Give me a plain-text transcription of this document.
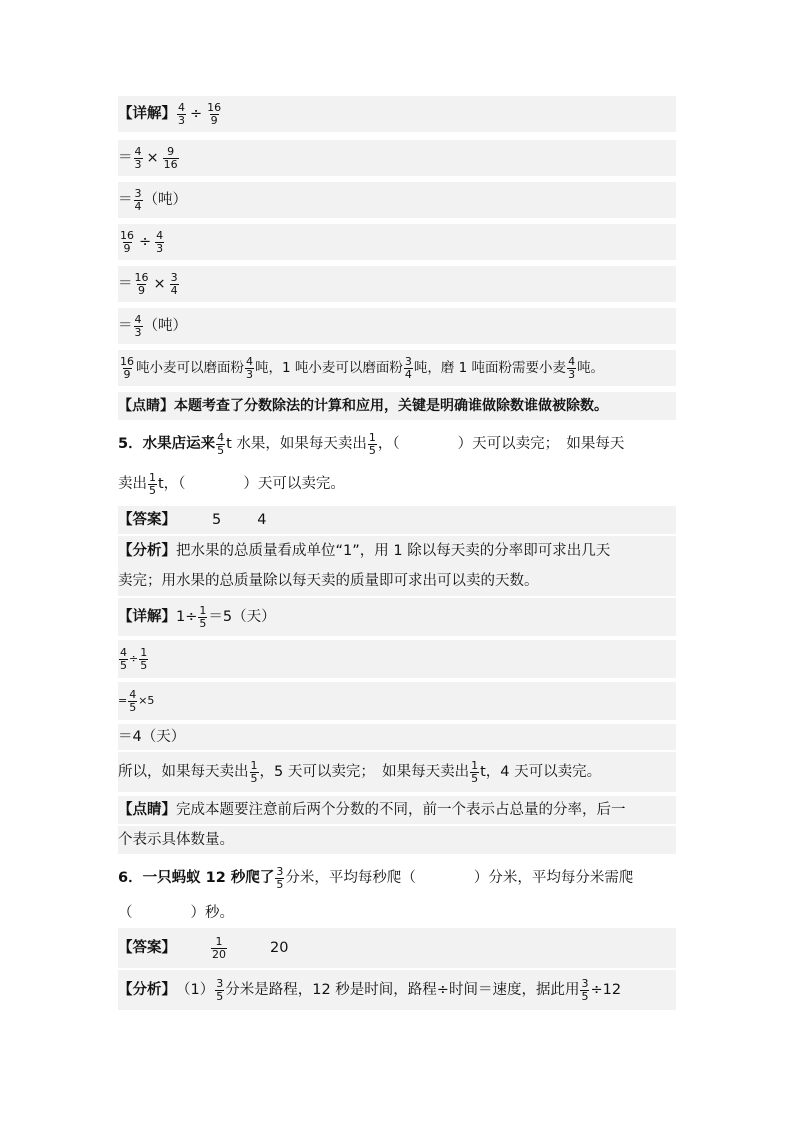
【详解】 $\frac{4}{3} \div \frac{16}{9}$
＝ $\frac{4}{3} \times \frac{9}{16}$
＝ $\frac{3}{4}$ （吨）
$\frac{16}{9} \div \frac{4}{3}$
＝ $\frac{16}{9} \times \frac{3}{4}$
＝ $\frac{4}{3}$ （吨）
$\frac{16}{9}$ 吨小麦可以磨面粉 $\frac{4}{3}$ 吨，1 吨小麦可以磨面粉 $\frac{3}{4}$ 吨，磨 1 吨面粉需要小麦 $\frac{4}{3}$ 吨。
【点睛】 本题考查了分数除法的计算和应用，关键是明确谁做除数谁做被除数。
5．水果店运来 $\frac{4}{5}$ t 水果，如果每天卖出 $\frac{1}{5}$ ，（　　　　）天可以卖完；　如果每天
卖出 $\frac{1}{5}$ t，（　　　　）天可以卖完。
【答案】 5 4
【分析】 把水果的总质量看成单位“1”，用 1 除以每天卖的分率即可求出几天
卖完；用水果的总质量除以每天卖的质量即可求出可以卖的天数。
【详解】 $1\div \frac{1}{5} =5$（天）
$\frac{4}{5} \div \frac{1}{5}$
= $\frac{4}{5} \times 5$
＝4（天）
所以，如果每天卖出 $\frac{1}{5}$ ，5 天可以卖完；　如果每天卖出 $\frac{1}{5}$ t，4 天可以卖完。
【点睛】 完成本题要注意前后两个分数的不同，前一个表示占总量的分率，后一
个表示具体数量。
6．一只蚂蚁 12 秒爬了 $\frac{3}{5}$ 分米，平均每秒爬（　　　　）分米，平均每分米需爬
（　　　　）秒。
【答案】	$\frac{1}{20}$	20
【分析】 $(1) \frac{3}{5}$ 分米是路程，12 秒是时间，路程÷时间＝速度，据此用 $\frac{3}{5} \div 12$
